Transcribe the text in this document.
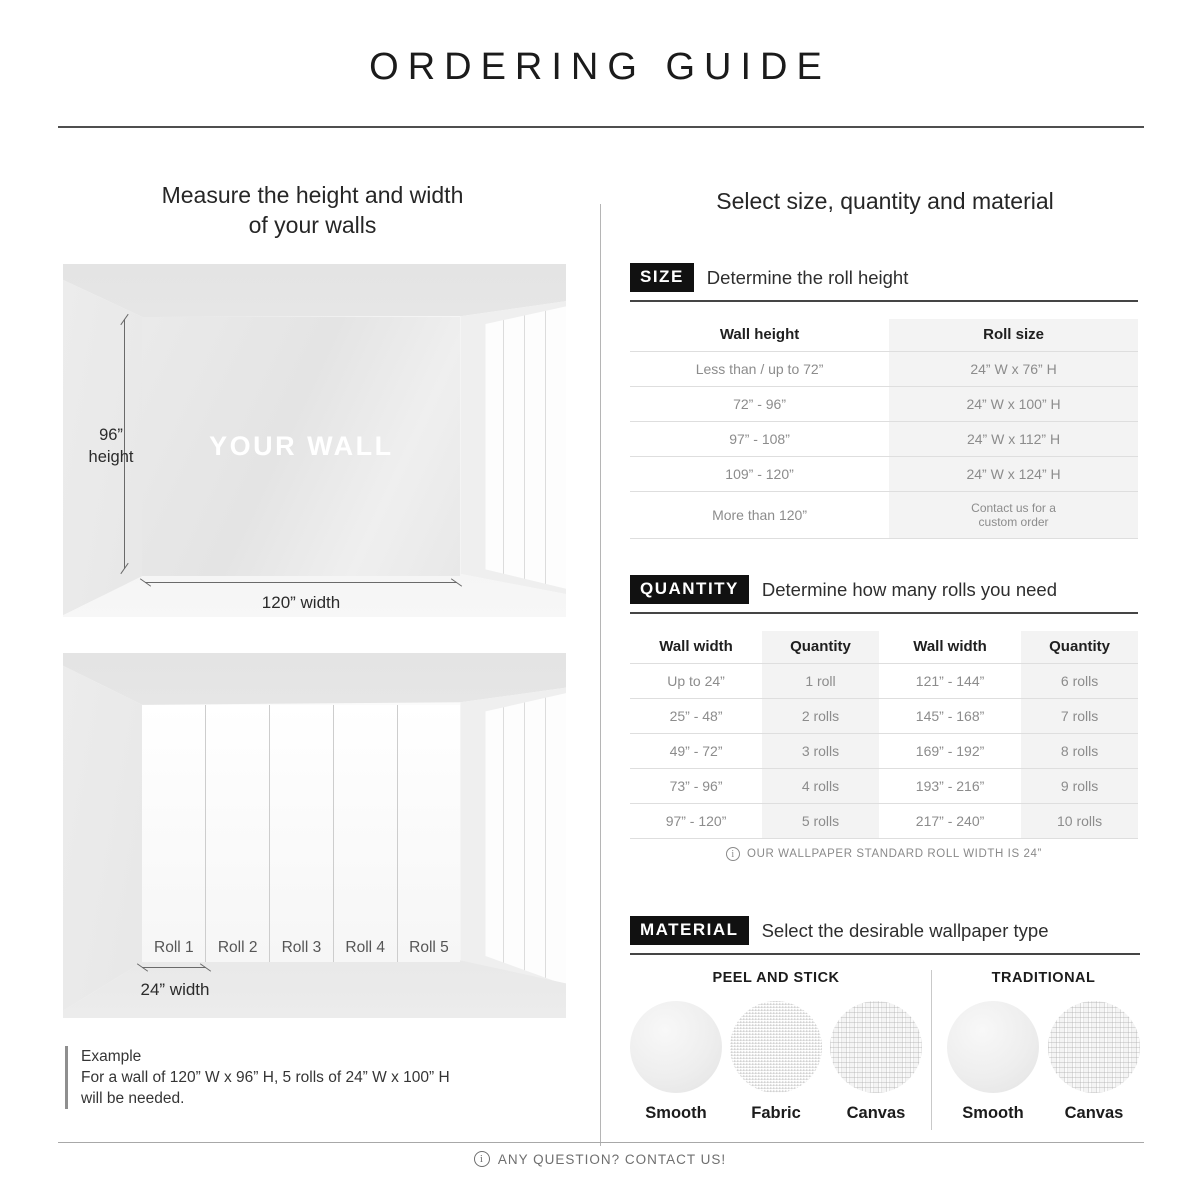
ORDERING GUIDE
Measure the height and width
of your walls
YOUR WALL
96”
height
120” width
Roll 1	Roll 2	Roll 3	Roll 4	Roll 5
24” width
Example
For a wall of 120” W x 96” H, 5 rolls of 24” W x 100” H
will be needed.
Select size, quantity and material
SIZE	Determine the roll height
Wall height	Roll size
Less than / up to 72”	24” W x 76” H
72” - 96”	24” W x 100” H
97” - 108”	24” W x 112” H
109” - 120”	24” W x 124” H
More than 120”	Contact us for a custom order
QUANTITY	Determine how many rolls you need
Wall width	Quantity	Wall width	Quantity
Up to 24”	1 roll	121” - 144”	6 rolls
25” - 48”	2 rolls	145” - 168”	7 rolls
49” - 72”	3 rolls	169” - 192”	8 rolls
73” - 96”	4 rolls	193” - 216”	9 rolls
97” - 120”	5 rolls	217” - 240”	10 rolls
i
OUR WALLPAPER STANDARD ROLL WIDTH IS 24”
MATERIAL	Select the desirable wallpaper type
PEEL AND STICK
Smooth	Fabric	Canvas
TRADITIONAL
Smooth	Canvas
i
ANY QUESTION? CONTACT US!
